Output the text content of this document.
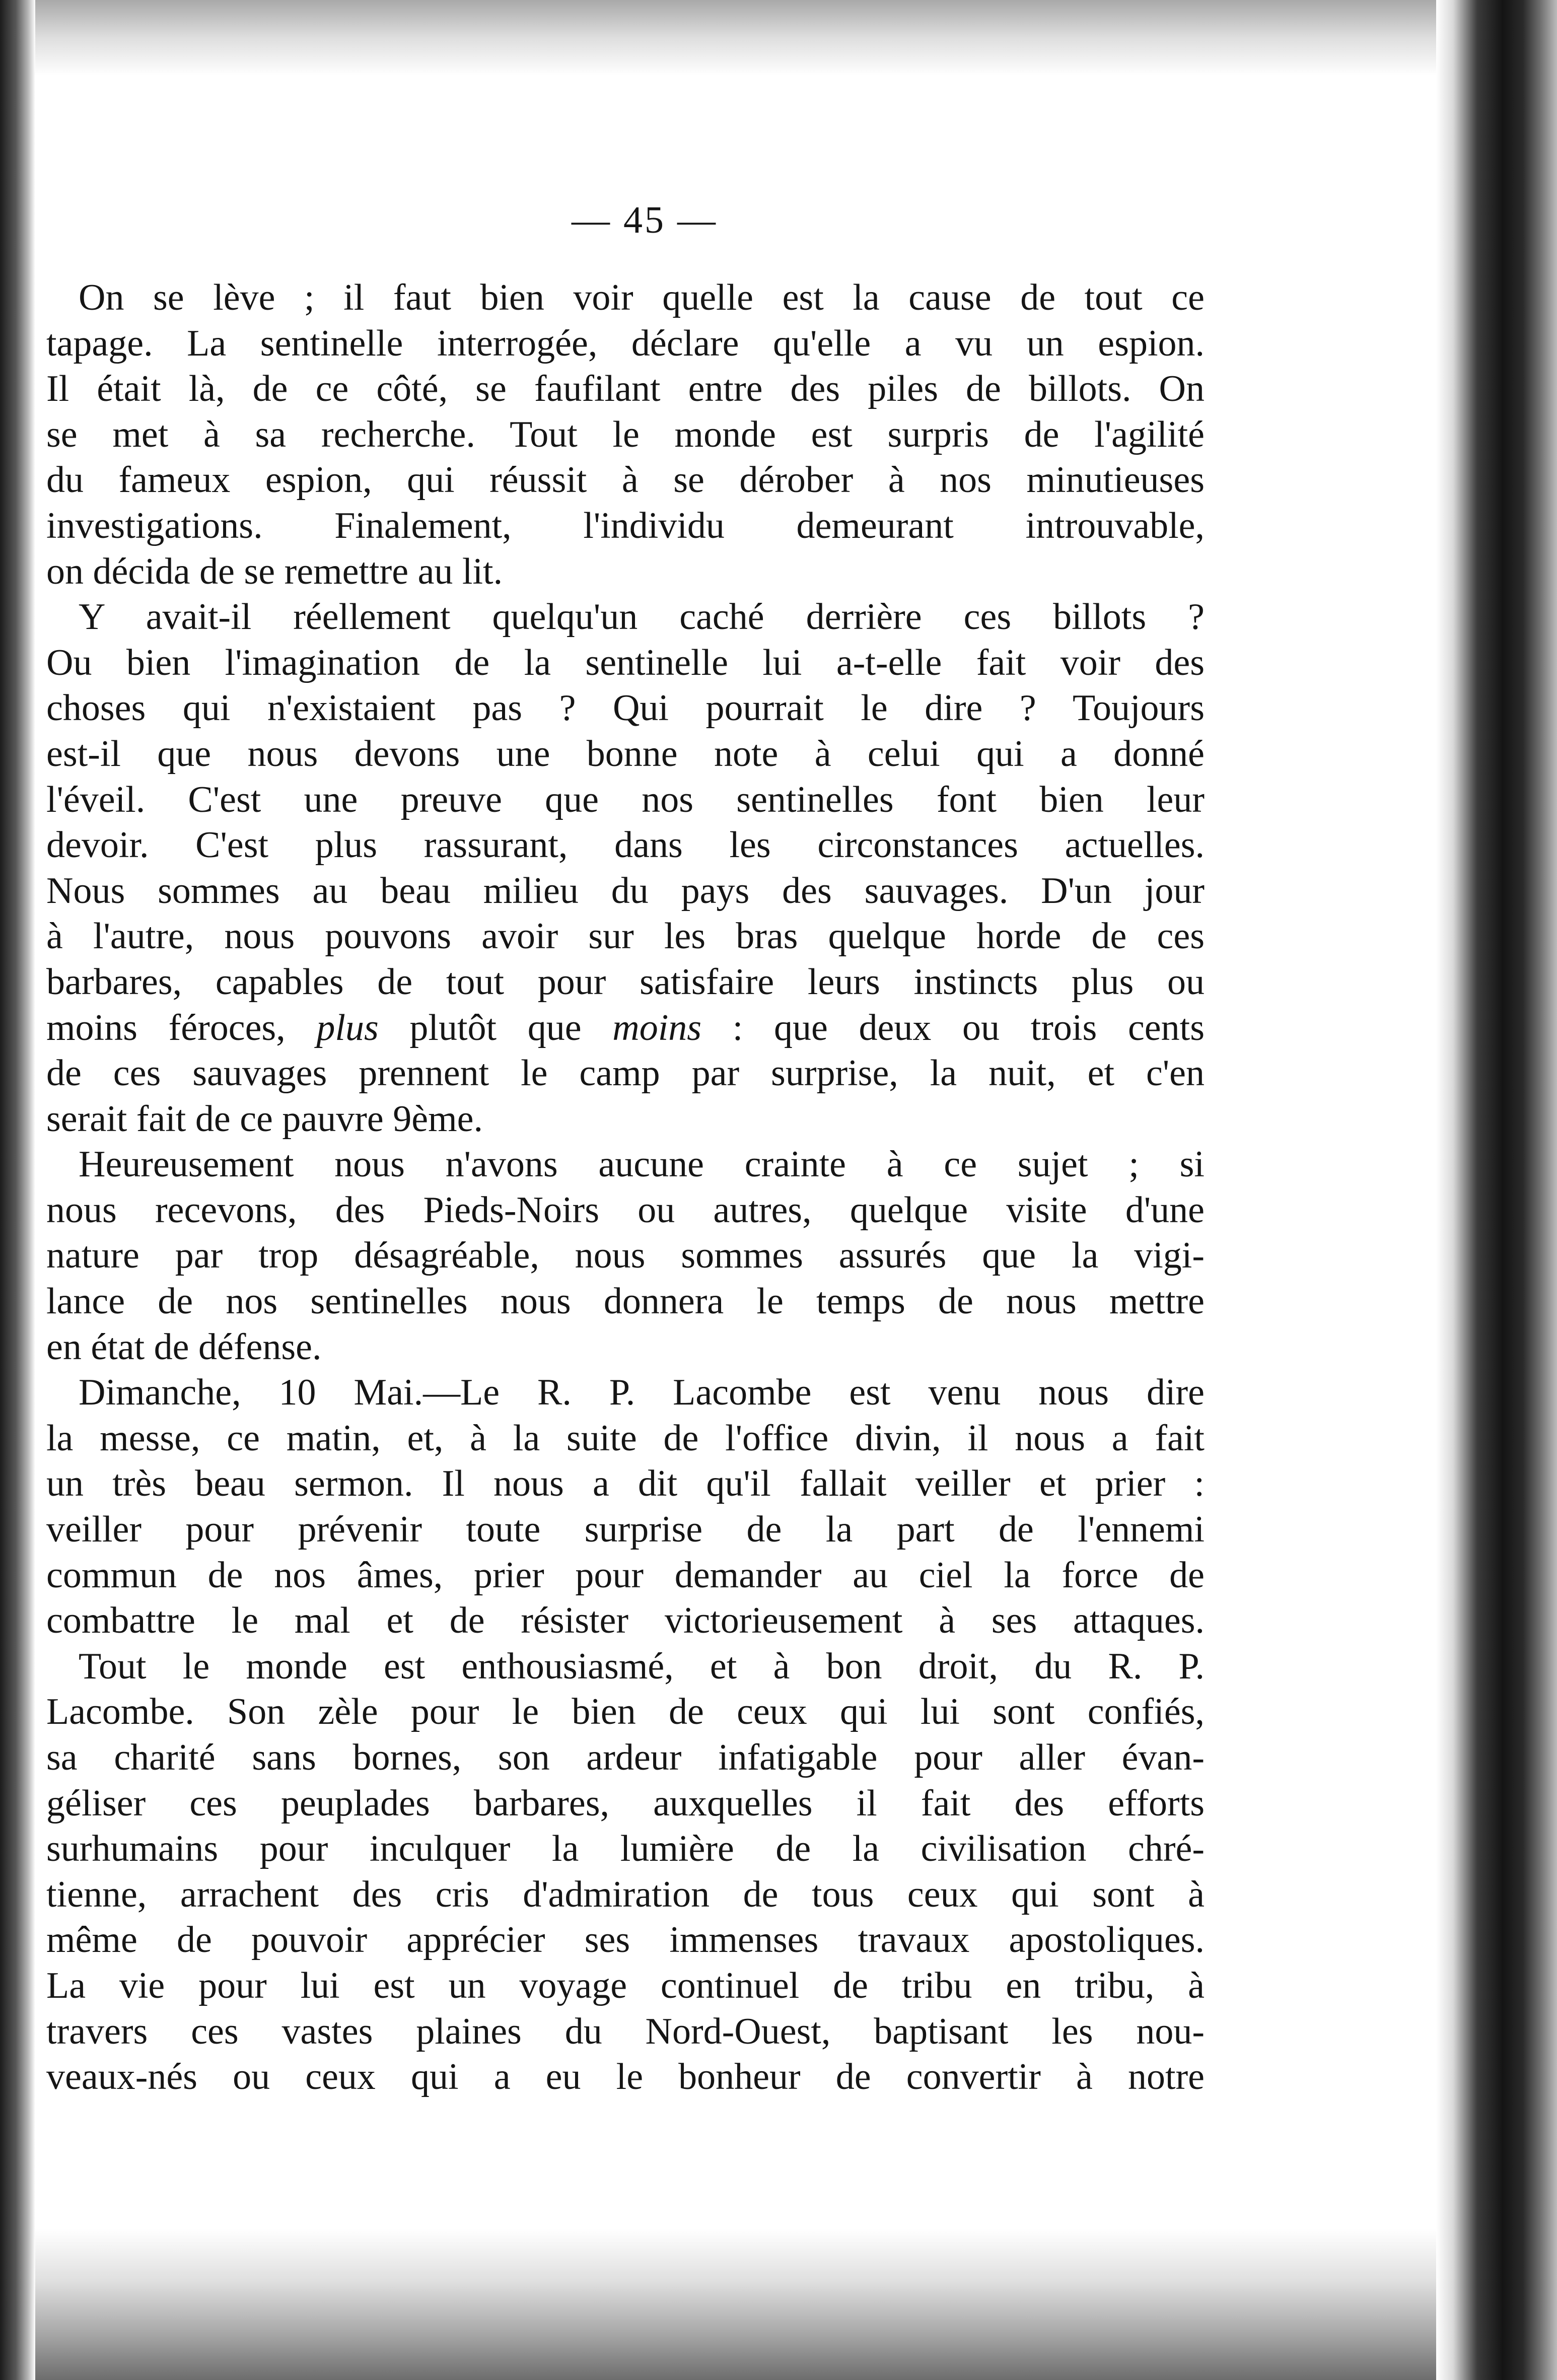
— 45 —
On se lève ; il faut bien voir quelle est la cause de tout ce
tapage. La sentinelle interrogée, déclare qu'elle a vu un espion.
Il était là, de ce côté, se faufilant entre des piles de billots. On
se met à sa recherche. Tout le monde est surpris de l'agilité
du fameux espion, qui réussit à se dérober à nos minutieuses
investigations. Finalement, l'individu demeurant introuvable,
on décida de se remettre au lit.
Y avait-il réellement quelqu'un caché derrière ces billots ?
Ou bien l'imagination de la sentinelle lui a-t-elle fait voir des
choses qui n'existaient pas ? Qui pourrait le dire ? Toujours
est-il que nous devons une bonne note à celui qui a donné
l'éveil. C'est une preuve que nos sentinelles font bien leur
devoir. C'est plus rassurant, dans les circonstances actuelles.
Nous sommes au beau milieu du pays des sauvages. D'un jour
à l'autre, nous pouvons avoir sur les bras quelque horde de ces
barbares, capables de tout pour satisfaire leurs instincts plus ou
moins féroces, plus plutôt que moins : que deux ou trois cents
de ces sauvages prennent le camp par surprise, la nuit, et c'en
serait fait de ce pauvre 9ème.
Heureusement nous n'avons aucune crainte à ce sujet ; si
nous recevons, des Pieds-Noirs ou autres, quelque visite d'une
nature par trop désagréable, nous sommes assurés que la vigi-
lance de nos sentinelles nous donnera le temps de nous mettre
en état de défense.
Dimanche, 10 Mai.—Le R. P. Lacombe est venu nous dire
la messe, ce matin, et, à la suite de l'office divin, il nous a fait
un très beau sermon. Il nous a dit qu'il fallait veiller et prier :
veiller pour prévenir toute surprise de la part de l'ennemi
commun de nos âmes, prier pour demander au ciel la force de
combattre le mal et de résister victorieusement à ses attaques.
Tout le monde est enthousiasmé, et à bon droit, du R. P.
Lacombe. Son zèle pour le bien de ceux qui lui sont confiés,
sa charité sans bornes, son ardeur infatigable pour aller évan-
géliser ces peuplades barbares, auxquelles il fait des efforts
surhumains pour inculquer la lumière de la civilisation chré-
tienne, arrachent des cris d'admiration de tous ceux qui sont à
même de pouvoir apprécier ses immenses travaux apostoliques.
La vie pour lui est un voyage continuel de tribu en tribu, à
travers ces vastes plaines du Nord-Ouest, baptisant les nou-
veaux-nés ou ceux qui a eu le bonheur de convertir à notre
